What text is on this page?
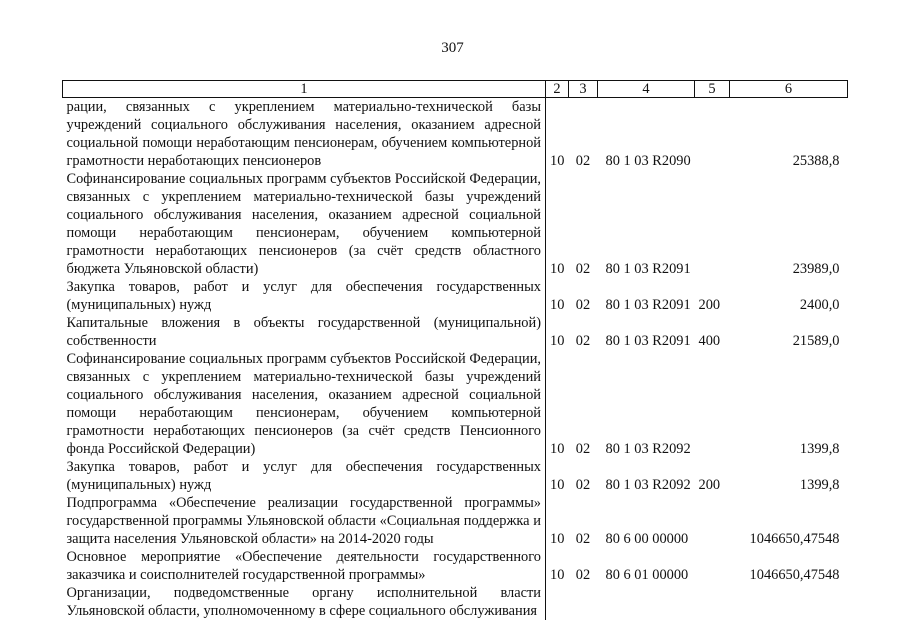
307
1	2	3	4	5	6
рации, связанных с укреплением материально-технической базы учреждений социального обслуживания населения, оказанием адресной социальной помощи неработающим пенсионерам, обучением компьютерной грамотности неработающих пенсионеров	10	02	80 1 03 R2090		25388,8
Софинансирование социальных программ субъектов Российской Федерации, связанных с укреплением материально-технической базы учреждений социального обслуживания населения, оказанием адресной социальной помощи неработающим пенсионерам, обучением компьютерной грамотности неработающих пенсионеров (за счёт средств областного бюджета Ульяновской области)	10	02	80 1 03 R2091		23989,0
Закупка товаров, работ и услуг для обеспечения государственных (муниципальных) нужд	10	02	80 1 03 R2091	200	2400,0
Капитальные вложения в объекты государственной (муниципальной) собственности	10	02	80 1 03 R2091	400	21589,0
Софинансирование социальных программ субъектов Российской Федерации, связанных с укреплением материально-технической базы учреждений социального обслуживания населения, оказанием адресной социальной помощи неработающим пенсионерам, обучением компьютерной грамотности неработающих пенсионеров (за счёт средств Пенсионного фонда Российской Федерации)	10	02	80 1 03 R2092		1399,8
Закупка товаров, работ и услуг для обеспечения государственных (муниципальных) нужд	10	02	80 1 03 R2092	200	1399,8
Подпрограмма «Обеспечение реализации государственной программы» государственной программы Ульяновской области «Социальная поддержка и защита населения Ульяновской области» на 2014-2020 годы	10	02	80 6 00 00000		1046650,47548
Основное мероприятие «Обеспечение деятельности государственного заказчика и соисполнителей государственной программы»	10	02	80 6 01 00000		1046650,47548
Организации, подведомственные органу исполнительной власти Ульяновской области, уполномоченному в сфере социального обслуживания					
